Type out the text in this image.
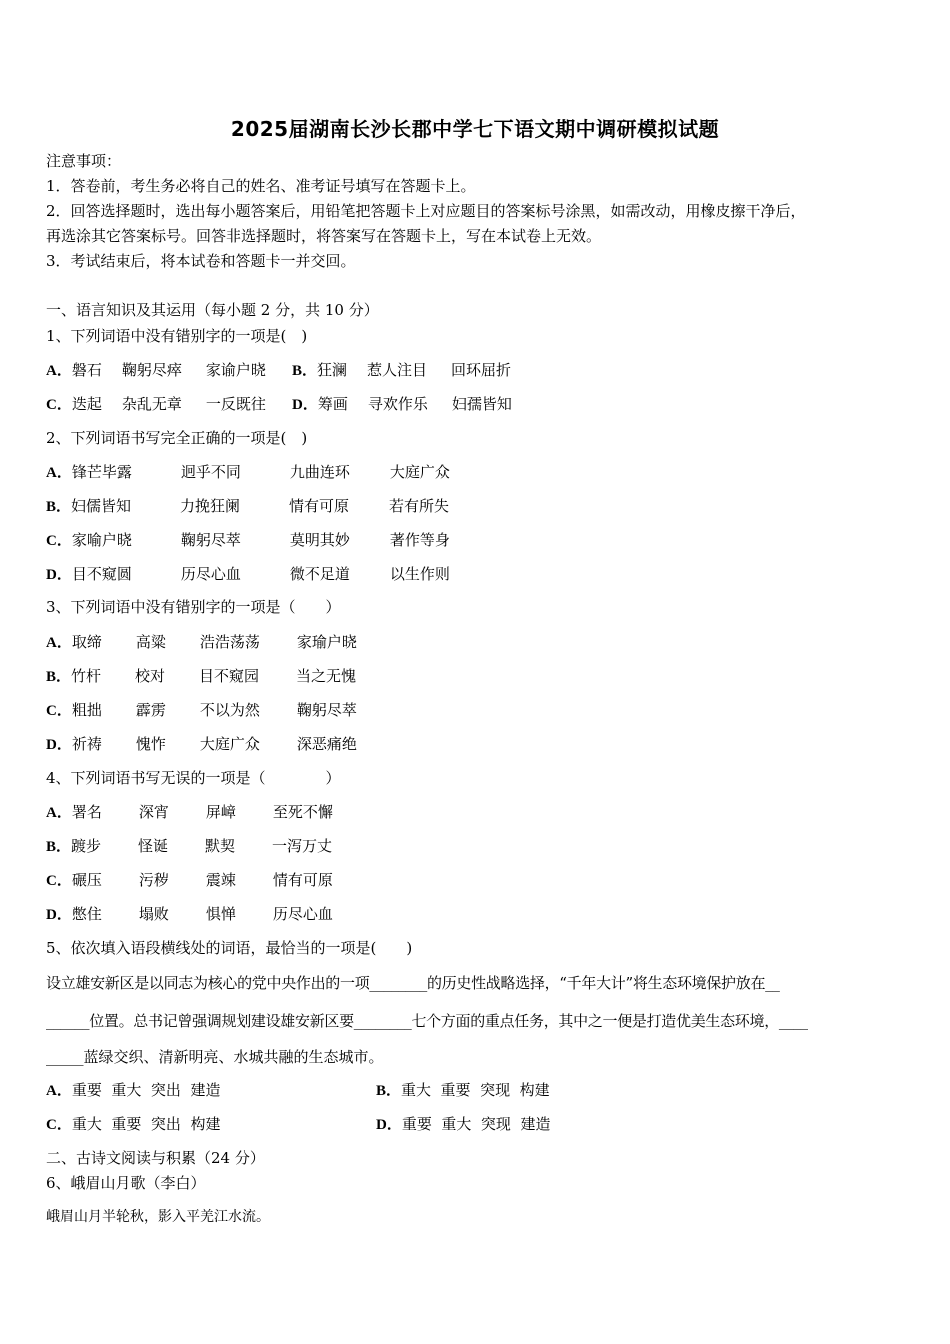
2025届湖南长沙长郡中学七下语文期中调研模拟试题
注意事项：
1．答卷前，考生务必将自己的姓名、准考证号填写在答题卡上。
2．回答选择题时，选出每小题答案后，用铅笔把答题卡上对应题目的答案标号涂黑，如需改动，用橡皮擦干净后，
再选涂其它答案标号。回答非选择题时，将答案写在答题卡上，写在本试卷上无效。
3．考试结束后，将本试卷和答题卡一并交回。
一、语言知识及其运用（每小题 2 分，共 10 分）
1、下列词语中没有错别字的一项是(　)
A．磐石 鞠躬尽瘁 家谕户晓	B．狂澜 惹人注目 回环屈折
C．迭起 杂乱无章 一反既往	D．筹画 寻欢作乐 妇孺皆知
2、下列词语书写完全正确的一项是(　)
A．锋芒毕露	迥乎不同	九曲连环	大庭广众
B．妇儒皆知	力挽狂阑	情有可原	若有所失
C．家喻户晓	鞠躬尽萃	莫明其妙	著作等身
D．目不窥圆	历尽心血	微不足道	以生作则
3、下列词语中没有错别字的一项是（　　）
A．取缔 高粱 浩浩荡荡 家瑜户晓
B．竹杆 校对 目不窥园 当之无愧
C．粗拙 霹雳 不以为然 鞠躬尽萃
D．祈祷 愧怍 大庭广众 深恶痛绝
4、下列词语书写无误的一项是（　　　　）
A．署名 深宵 屏嶂 至死不懈
B．踱步 怪诞 默契 一泻万丈
C．碾压 污秽 震竦 情有可原
D．憋住 塌败 惧惮 历尽心血
5、依次填入语段横线处的词语，最恰当的一项是(　　)
设立雄安新区是以同志为核心的党中央作出的一项________的历史性战略选择，“千年大计”将生态环境保护放在__
______位置。总书记曾强调规划建设雄安新区要________七个方面的重点任务，其中之一便是打造优美生态环境，____
_____蓝绿交织、清新明亮、水城共融的生态城市。
A．重要  重大  突出  建造	B．重大  重要  突现  构建
C．重大  重要  突出  构建	D．重要  重大  突现  建造
二、古诗文阅读与积累（24 分）
6、峨眉山月歌（李白）
峨眉山月半轮秋，影入平羌江水流。
